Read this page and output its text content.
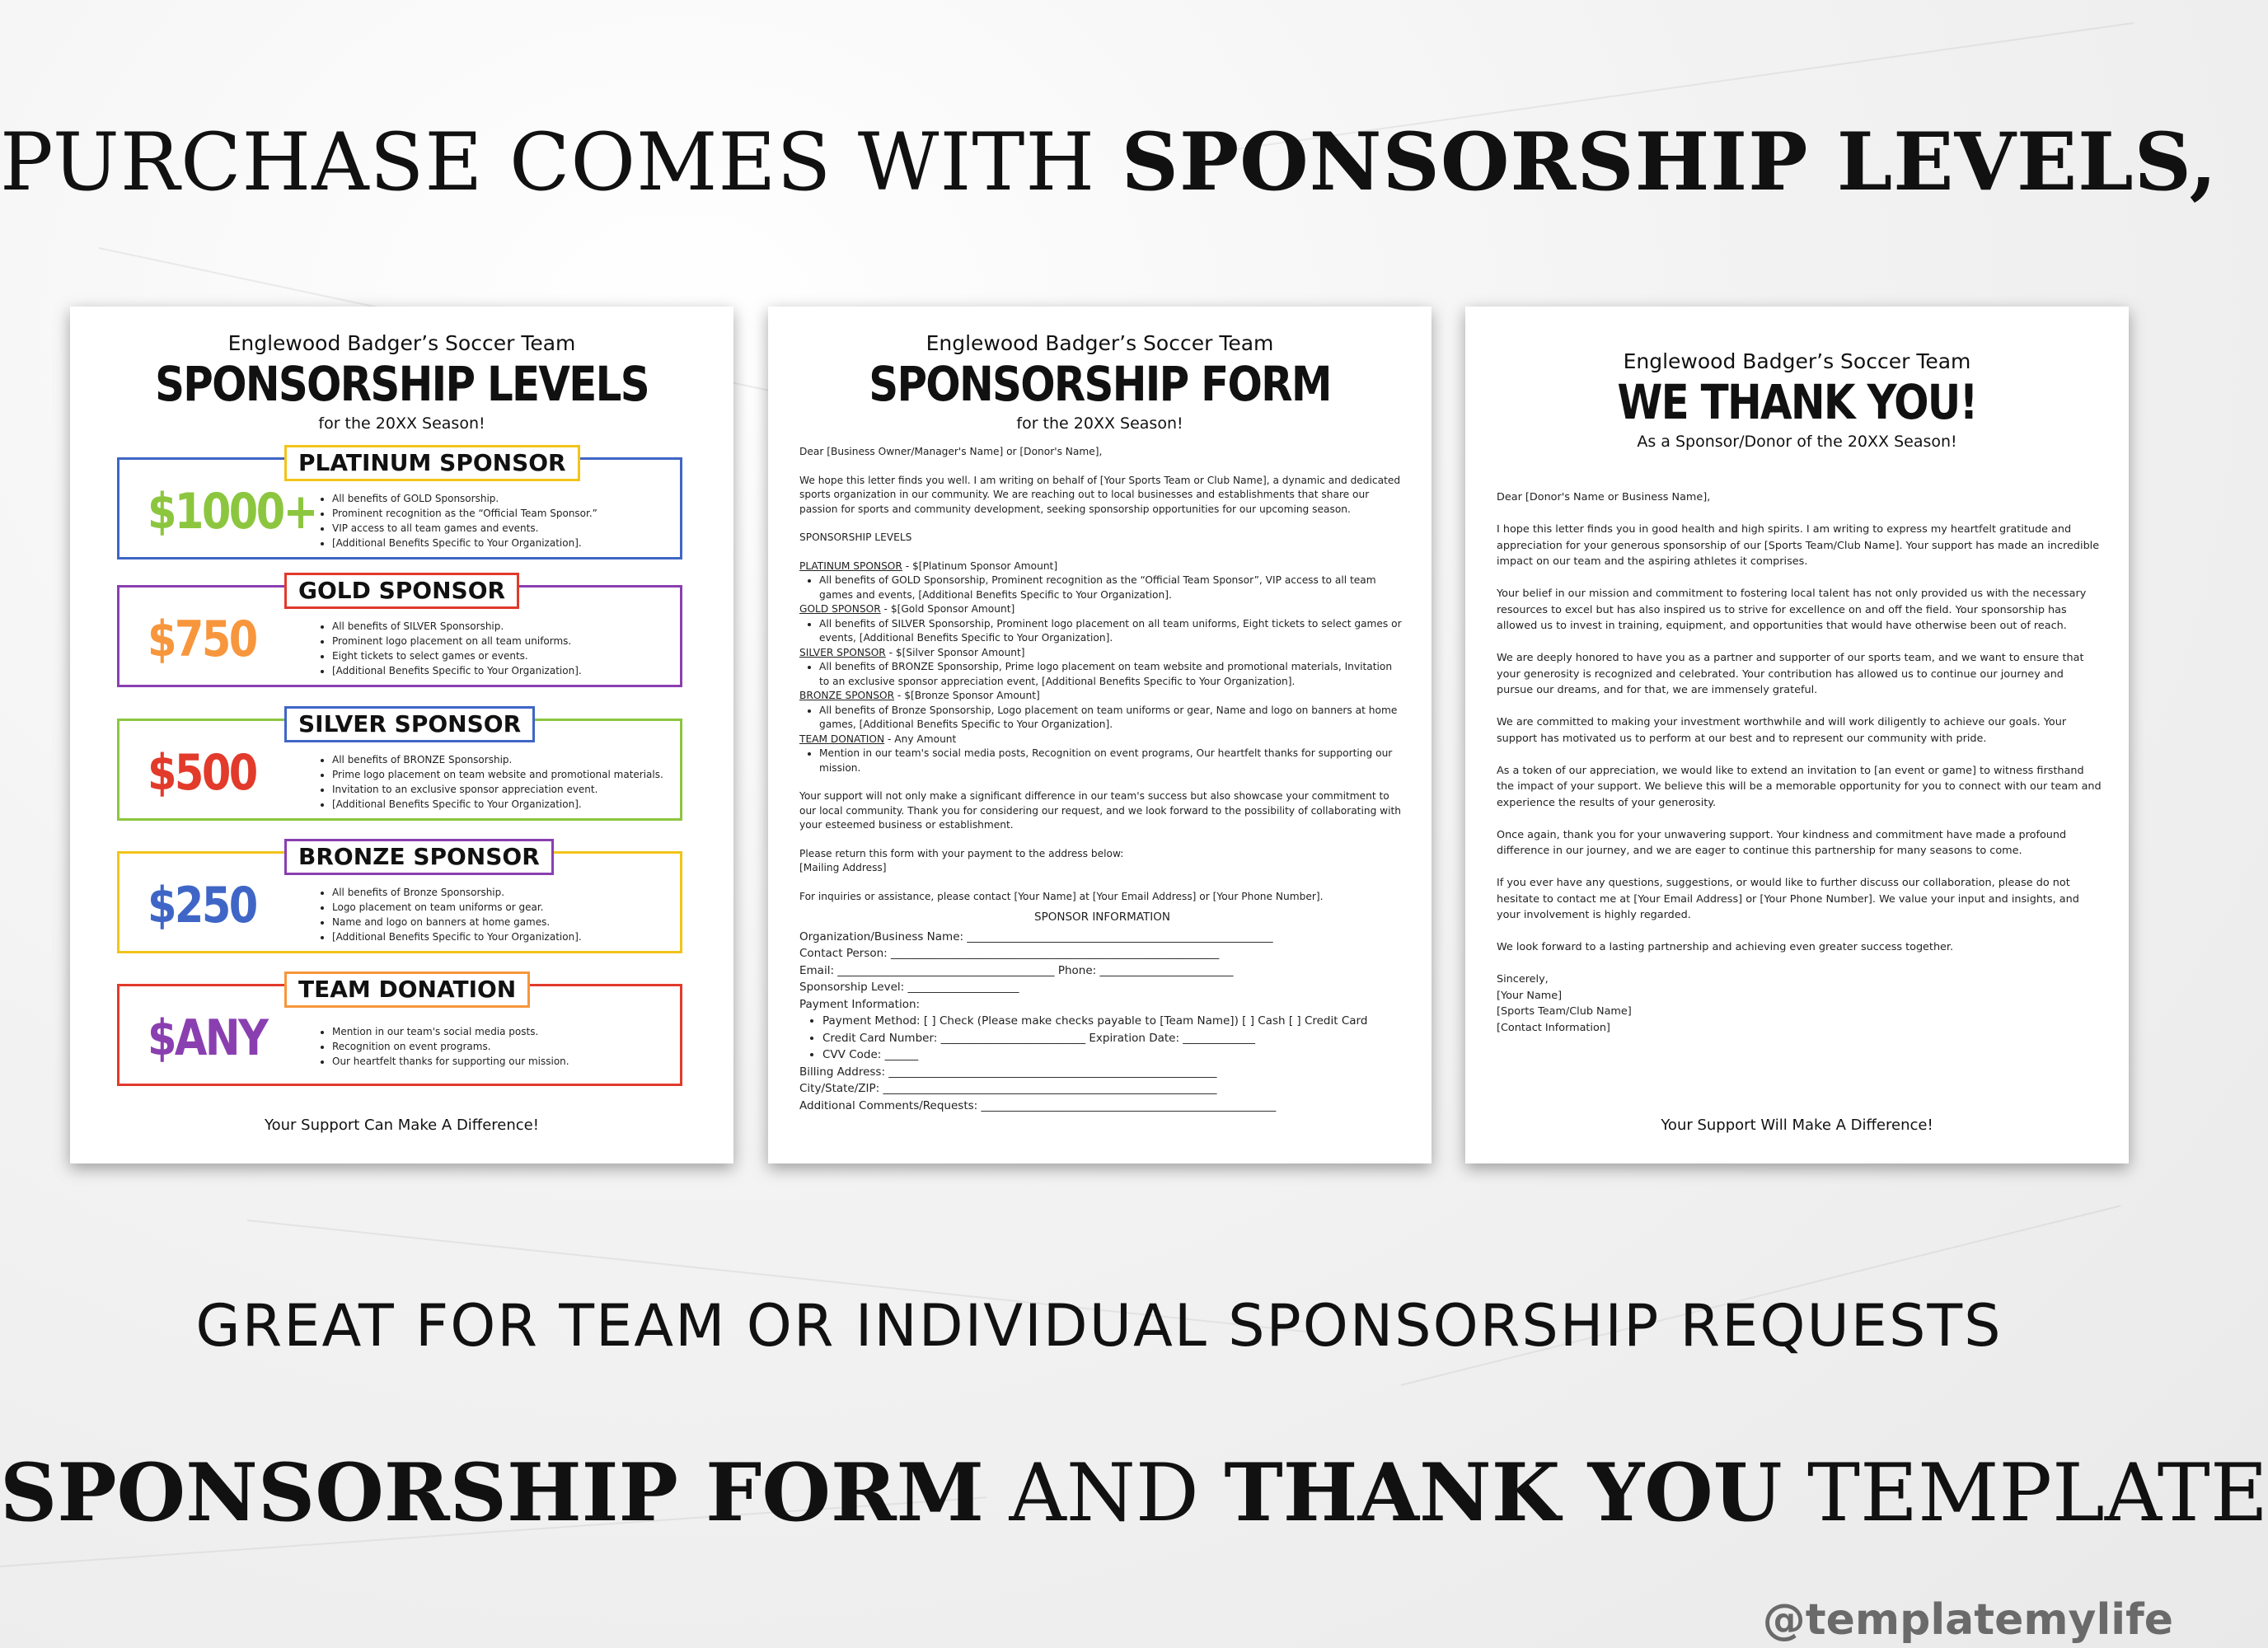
PURCHASE COMES WITH SPONSORSHIP LEVELS,
Englewood Badger’s Soccer Team
SPONSORSHIP LEVELS
for the 20XX Season!
PLATINUM SPONSOR
$1000+ • All benefits of GOLD Sponsorship.
• Prominent recognition as the “Official Team Sponsor.”
• VIP access to all team games and events.
• [Additional Benefits Specific to Your Organization].
GOLD SPONSOR
$750	• All benefits of SILVER Sponsorship.
• Prominent logo placement on all team uniforms.
• Eight tickets to select games or events.
• [Additional Benefits Specific to Your Organization].
SILVER SPONSOR
$500	• All benefits of BRONZE Sponsorship.
• Prime logo placement on team website and promotional materials.
• Invitation to an exclusive sponsor appreciation event.
• [Additional Benefits Specific to Your Organization].
BRONZE SPONSOR
$250	• All benefits of Bronze Sponsorship.
• Logo placement on team uniforms or gear.
• Name and logo on banners at home games.
• [Additional Benefits Specific to Your Organization].
TEAM DONATION
$ANY	• Mention in our team's social media posts.
• Recognition on event programs.
• Our heartfelt thanks for supporting our mission.
Your Support Can Make A Difference!
Englewood Badger’s Soccer Team
SPONSORSHIP FORM
for the 20XX Season!

Dear [Business Owner/Manager's Name] or [Donor's Name],

We hope this letter finds you well. I am writing on behalf of [Your Sports Team or Club Name], a dynamic and dedicated sports organization in our community. We are reaching out to local businesses and establishments that share our passion for sports and community development, seeking sponsorship opportunities for our upcoming season.

SPONSORSHIP LEVELS

PLATINUM SPONSOR - $[Platinum Sponsor Amount]
• All benefits of GOLD Sponsorship, Prominent recognition as the “Official Team Sponsor”, VIP access to all team games and events, [Additional Benefits Specific to Your Organization].
GOLD SPONSOR - $[Gold Sponsor Amount]
• All benefits of SILVER Sponsorship, Prominent logo placement on all team uniforms, Eight tickets to select games or events, [Additional Benefits Specific to Your Organization].
SILVER SPONSOR - $[Silver Sponsor Amount]
• All benefits of BRONZE Sponsorship, Prime logo placement on team website and promotional materials, Invitation to an exclusive sponsor appreciation event, [Additional Benefits Specific to Your Organization].
BRONZE SPONSOR - $[Bronze Sponsor Amount]
• All benefits of Bronze Sponsorship, Logo placement on team uniforms or gear, Name and logo on banners at home games, [Additional Benefits Specific to Your Organization].
TEAM DONATION - Any Amount
• Mention in our team's social media posts, Recognition on event programs, Our heartfelt thanks for supporting our mission.

Your support will not only make a significant difference in our team's success but also showcase your commitment to our local community. Thank you for considering our request, and we look forward to the possibility of collaborating with your esteemed business or establishment.

Please return this form with your payment to the address below:
[Mailing Address]

For inquiries or assistance, please contact [Your Name] at [Your Email Address] or [Your Phone Number].

SPONSOR INFORMATION
Organization/Business Name: _______________________________________________________
Contact Person: ___________________________________________________________
Email: _______________________________________ Phone: ________________________
Sponsorship Level: ____________________
Payment Information:
• Payment Method: [ ] Check (Please make checks payable to [Team Name]) [ ] Cash [ ] Credit Card
• Credit Card Number: __________________________ Expiration Date: _____________
• CVV Code: ______
Billing Address: ___________________________________________________________
City/State/ZIP: ____________________________________________________________
Additional Comments/Requests: _____________________________________________________
Englewood Badger’s Soccer Team
WE THANK YOU!
As a Sponsor/Donor of the 20XX Season!

Dear [Donor's Name or Business Name],

I hope this letter finds you in good health and high spirits. I am writing to express my heartfelt gratitude and appreciation for your generous sponsorship of our [Sports Team/Club Name]. Your support has made an incredible impact on our team and the aspiring athletes it comprises.

Your belief in our mission and commitment to fostering local talent has not only provided us with the necessary resources to excel but has also inspired us to strive for excellence on and off the field. Your sponsorship has allowed us to invest in training, equipment, and opportunities that would have otherwise been out of reach.

We are deeply honored to have you as a partner and supporter of our sports team, and we want to ensure that your generosity is recognized and celebrated. Your contribution has allowed us to continue our journey and pursue our dreams, and for that, we are immensely grateful.

We are committed to making your investment worthwhile and will work diligently to achieve our goals. Your support has motivated us to perform at our best and to represent our community with pride.

As a token of our appreciation, we would like to extend an invitation to [an event or game] to witness firsthand the impact of your support. We believe this will be a memorable opportunity for you to connect with our team and experience the results of your generosity.

Once again, thank you for your unwavering support. Your kindness and commitment have made a profound difference in our journey, and we are eager to continue this partnership for many seasons to come.

If you ever have any questions, suggestions, or would like to further discuss our collaboration, please do not hesitate to contact me at [Your Email Address] or [Your Phone Number]. We value your input and insights, and your involvement is highly regarded.

We look forward to a lasting partnership and achieving even greater success together.

Sincerely,
[Your Name]
[Sports Team/Club Name]
[Contact Information]
Your Support Will Make A Difference!
GREAT FOR TEAM OR INDIVIDUAL SPONSORSHIP REQUESTS
SPONSORSHIP FORM AND THANK YOU TEMPLATE
@templatemylife
